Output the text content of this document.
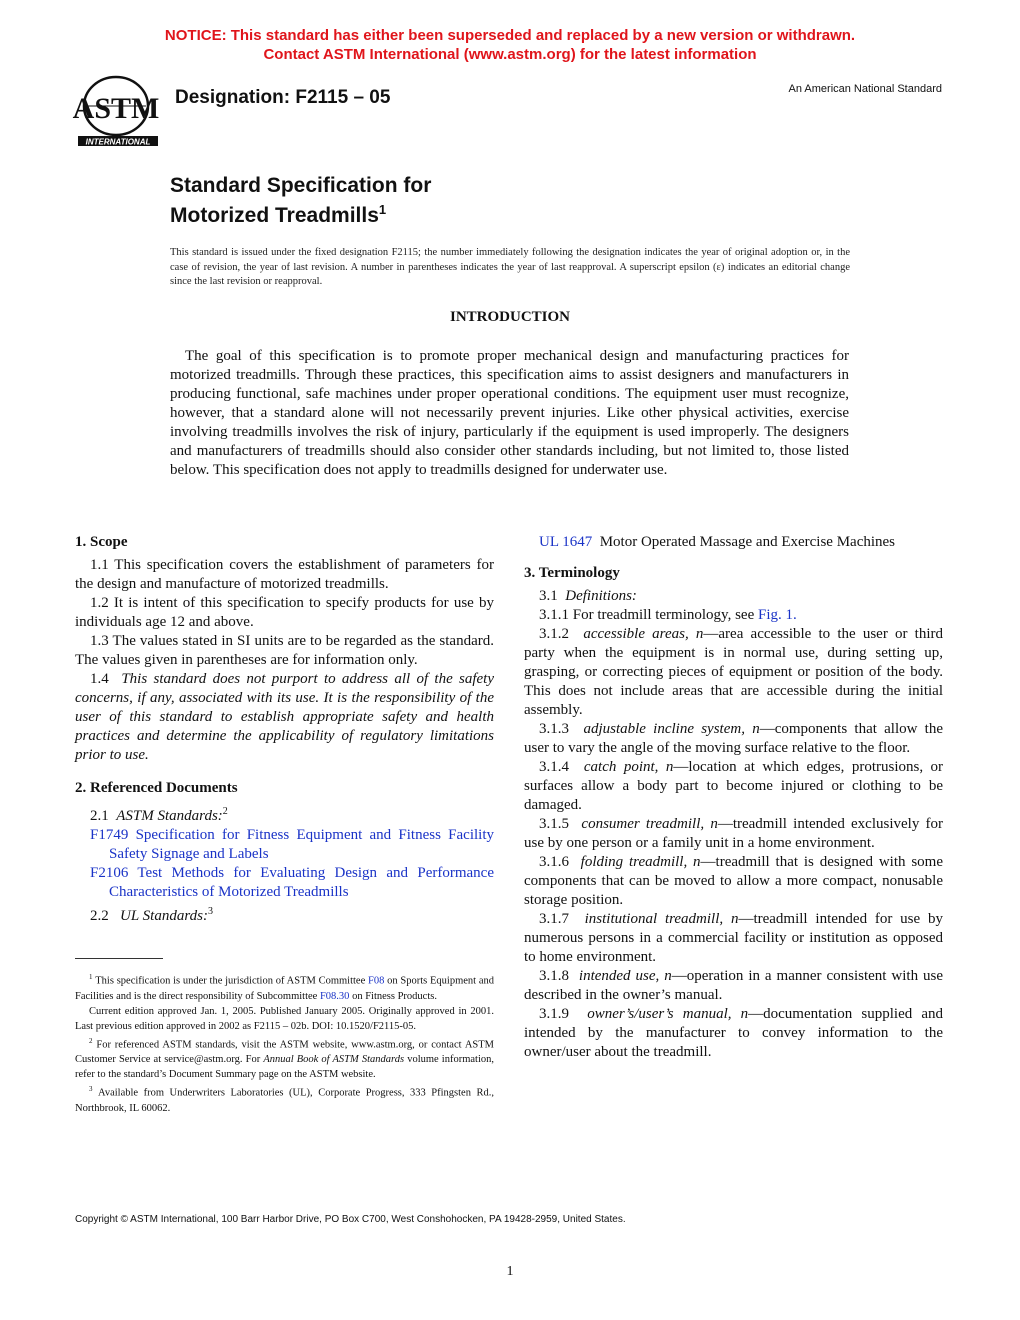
NOTICE: This standard has either been superseded and replaced by a new version or withdrawn.
Contact ASTM International (www.astm.org) for the latest information
ASTM
INTERNATIONAL
Designation: F2115 – 05	An American National Standard
Standard Specification for
Motorized Treadmills$^1$
This standard is issued under the fixed designation F2115; the number immediately following the designation indicates the year of original adoption or, in the case of revision, the year of last revision. A number in parentheses indicates the year of last reapproval. A superscript epsilon (ε) indicates an editorial change since the last revision or reapproval.
INTRODUCTION
The goal of this specification is to promote proper mechanical design and manufacturing practices for motorized treadmills. Through these practices, this specification aims to assist designers and manufacturers in producing functional, safe machines under proper operational conditions. The equipment user must recognize, however, that a standard alone will not necessarily prevent injuries. Like other physical activities, exercise involving treadmills involves the risk of injury, particularly if the equipment is used improperly. The designers and manufacturers of treadmills should also consider other standards including, but not limited to, those listed below. This specification does not apply to treadmills designed for underwater use.

1. Scope

1.1 This specification covers the establishment of parameters for the design and manufacture of motorized treadmills.

1.2 It is intent of this specification to specify products for use by individuals age 12 and above.

1.3 The values stated in SI units are to be regarded as the standard. The values given in parentheses are for information only.

1.4 This standard does not purport to address all of the safety concerns, if any, associated with its use. It is the responsibility of the user of this standard to establish appropriate safety and health practices and determine the applicability of regulatory limitations prior to use.

2. Referenced Documents

2.1 ASTM Standards:$^2$

F1749 Specification for Fitness Equipment and Fitness Facility Safety Signage and Labels

F2106 Test Methods for Evaluating Design and Performance Characteristics of Motorized Treadmills

2.2 UL Standards:$^3$

$^1$ This specification is under the jurisdiction of ASTM Committee F08 on Sports Equipment and Facilities and is the direct responsibility of Subcommittee F08.30 on Fitness Products.

Current edition approved Jan. 1, 2005. Published January 2005. Originally approved in 2001. Last previous edition approved in 2002 as F2115 – 02b. DOI: 10.1520/F2115-05.

$^2$ For referenced ASTM standards, visit the ASTM website, www.astm.org, or contact ASTM Customer Service at service@astm.org. For Annual Book of ASTM Standards volume information, refer to the standard’s Document Summary page on the ASTM website.

$^3$ Available from Underwriters Laboratories (UL), Corporate Progress, 333 Pfingsten Rd., Northbrook, IL 60062.

UL 1647 Motor Operated Massage and Exercise Machines

3. Terminology

3.1 Definitions:

3.1.1 For treadmill terminology, see Fig. 1.

3.1.2 accessible areas, n—area accessible to the user or third party when the equipment is in normal use, during setting up, grasping, or correcting pieces of equipment or position of the body. This does not include areas that are accessible during the initial assembly.

3.1.3 adjustable incline system, n—components that allow the user to vary the angle of the moving surface relative to the floor.

3.1.4 catch point, n—location at which edges, protrusions, or surfaces allow a body part to become injured or clothing to be damaged.

3.1.5 consumer treadmill, n—treadmill intended exclusively for use by one person or a family unit in a home environment.

3.1.6 folding treadmill, n—treadmill that is designed with some components that can be moved to allow a more compact, nonusable storage position.

3.1.7 institutional treadmill, n—treadmill intended for use by numerous persons in a commercial facility or institution as opposed to home environment.

3.1.8 intended use, n—operation in a manner consistent with use described in the owner’s manual.

3.1.9 owner’s/user’s manual, n—documentation supplied and intended by the manufacturer to convey information to the owner/user about the treadmill.

Copyright © ASTM International, 100 Barr Harbor Drive, PO Box C700, West Conshohocken, PA 19428-2959, United States.
1
